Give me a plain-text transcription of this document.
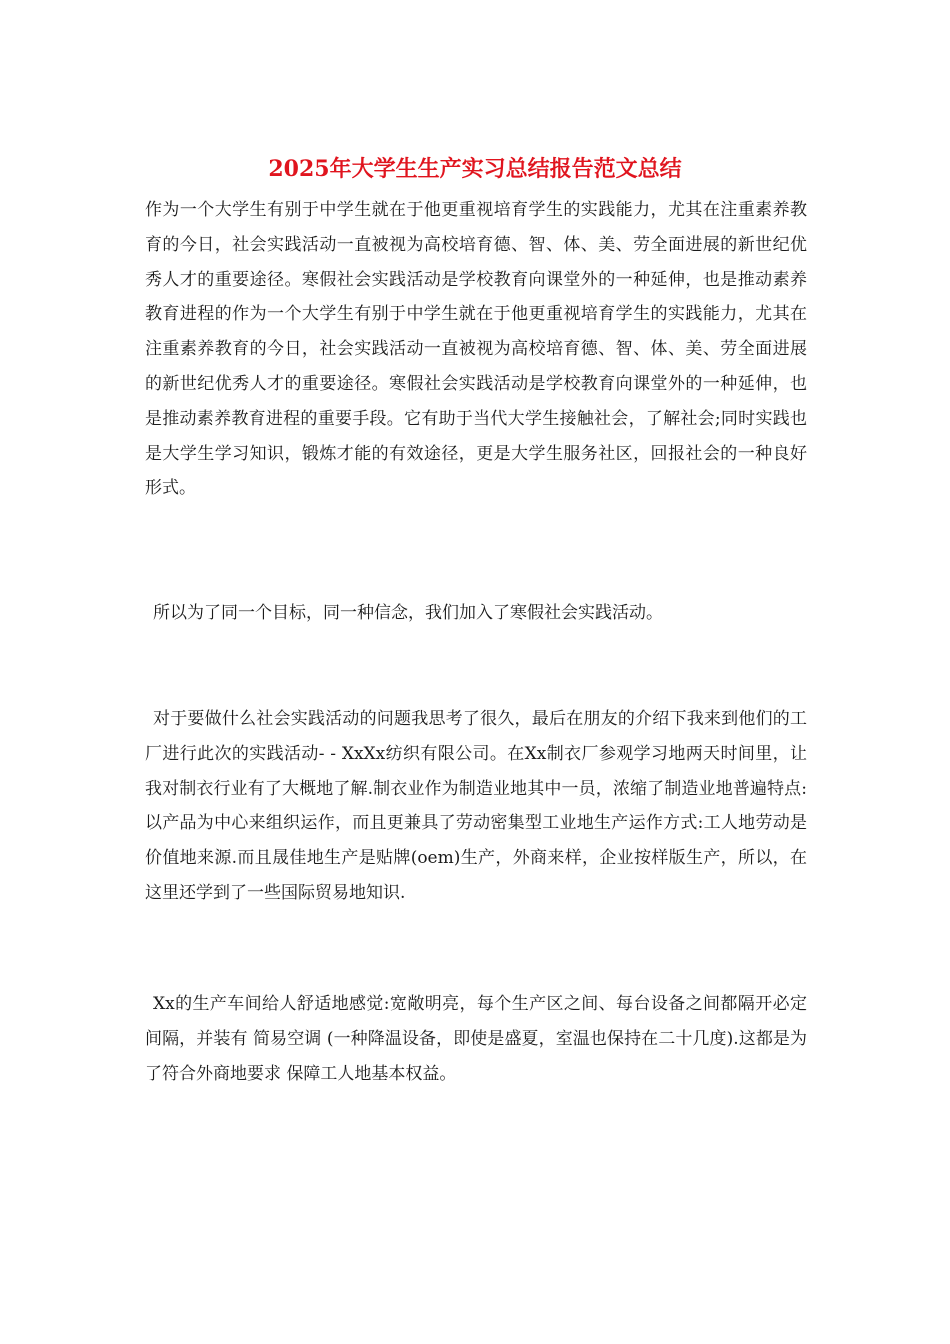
2025年大学生生产实习总结报告范文总结

作为一个大学生有别于中学生就在于他更重视培育学生的实践能力，尤其在注重素养教育的今日，社会实践活动一直被视为高校培育德、智、体、美、劳全面进展的新世纪优秀人才的重要途径。寒假社会实践活动是学校教育向课堂外的一种延伸，也是推动素养教育进程的作为一个大学生有别于中学生就在于他更重视培育学生的实践能力，尤其在注重素养教育的今日，社会实践活动一直被视为高校培育德、智、体、美、劳全面进展的新世纪优秀人才的重要途径。寒假社会实践活动是学校教育向课堂外的一种延伸，也是推动素养教育进程的重要手段。它有助于当代大学生接触社会，了解社会;同时实践也是大学生学习知识，锻炼才能的有效途径，更是大学生服务社区，回报社会的一种良好形式。

所以为了同一个目标，同一种信念，我们加入了寒假社会实践活动。

对于要做什么社会实践活动的问题我思考了很久，最后在朋友的介绍下我来到他们的工厂进行此次的实践活动- - XxXx纺织有限公司。在Xx制衣厂参观学习地两天时间里，让我对制衣行业有了大概地了解.制衣业作为制造业地其中一员，浓缩了制造业地普遍特点:以产品为中心来组织运作，而且更兼具了劳动密集型工业地生产运作方式:工人地劳动是价值地来源.而且晟佳地生产是贴牌(oem)生产，外商来样，企业按样版生产，所以，在这里还学到了一些国际贸易地知识.

Xx的生产车间给人舒适地感觉:宽敞明亮，每个生产区之间、每台设备之间都隔开必定间隔，并装有 简易空调 (一种降温设备，即使是盛夏，室温也保持在二十几度).这都是为了符合外商地要求 保障工人地基本权益。
